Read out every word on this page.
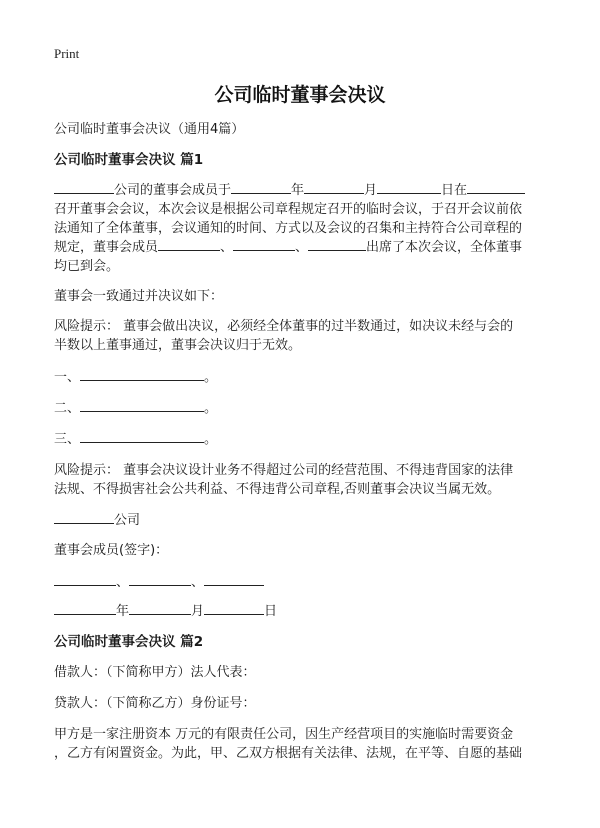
Print
公司临时董事会决议
公司临时董事会决议（通用4篇）
公司临时董事会决议 篇1
公司的董事会成员于	年	月	日在
召开董事会会议，本次会议是根据公司章程规定召开的临时会议，于召开会议前依
法通知了全体董事，会议通知的时间、方式以及会议的召集和主持符合公司章程的
规定，董事会成员	、	、	出席了本次会议，全体董事
均已到会。
董事会一致通过并决议如下：
风险提示： 董事会做出决议，必须经全体董事的过半数通过，如决议未经与会的
半数以上董事通过，董事会决议归于无效。
一、	。
二、	。
三、	。
风险提示： 董事会决议设计业务不得超过公司的经营范围、不得违背国家的法律
法规、不得损害社会公共利益、不得违背公司章程,否则董事会决议当属无效。
公司
董事会成员(签字)：
、	、
年	月	日
公司临时董事会决议 篇2
借款人：（下简称甲方）法人代表：
贷款人：（下简称乙方）身份证号：
甲方是一家注册资本 万元的有限责任公司，因生产经营项目的实施临时需要资金
，乙方有闲置资金。为此，甲、乙双方根据有关法律、法规，在平等、自愿的基础
